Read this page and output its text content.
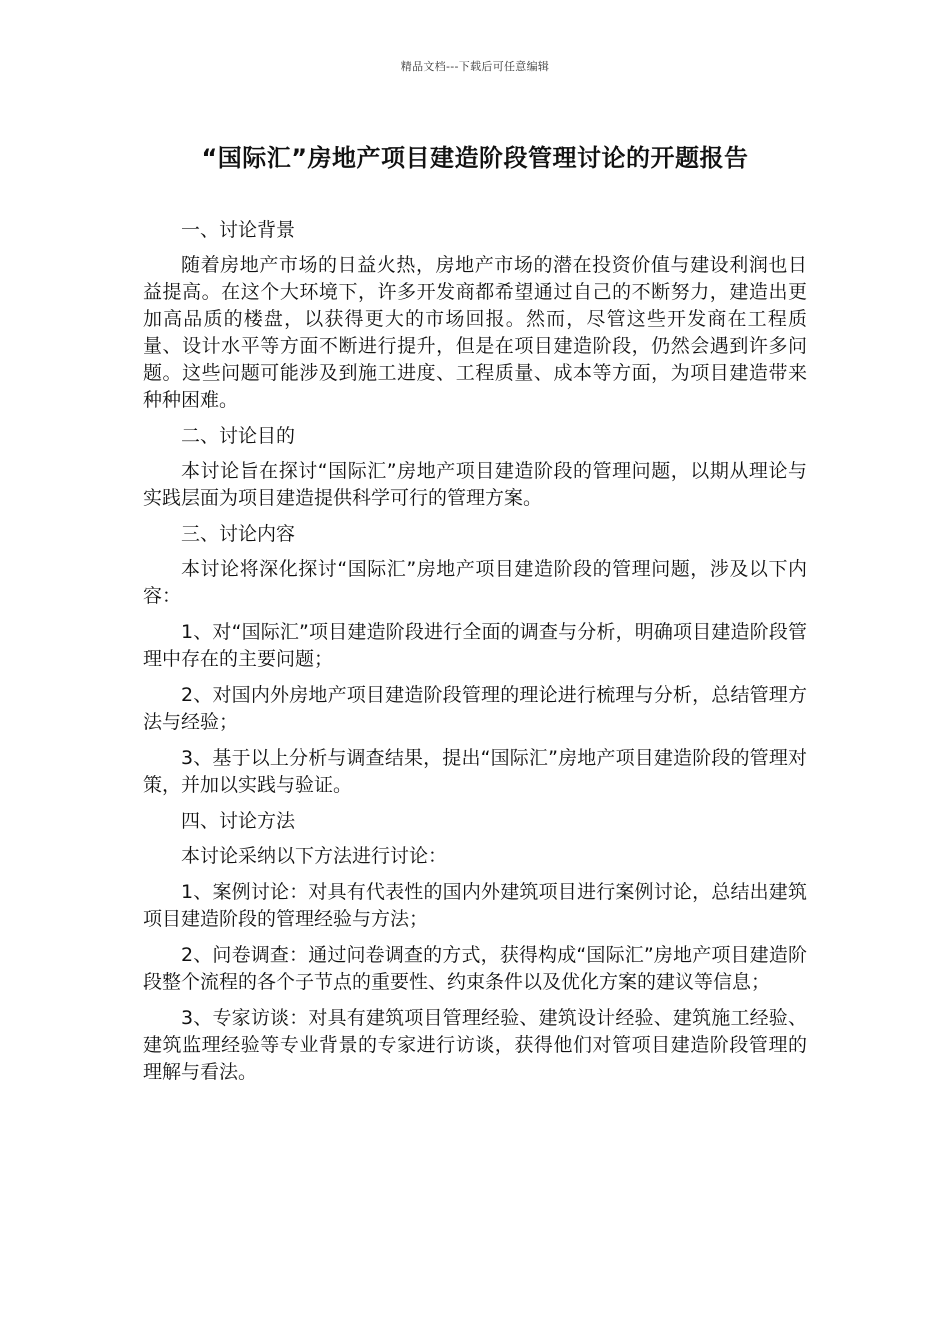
精品文档---下载后可任意编辑
“国际汇”房地产项目建造阶段管理讨论的开题报告

一、讨论背景

随着房地产市场的日益火热，房地产市场的潜在投资价值与建设利润也日益提高。在这个大环境下，许多开发商都希望通过自己的不断努力，建造出更加高品质的楼盘，以获得更大的市场回报。然而，尽管这些开发商在工程质量、设计水平等方面不断进行提升，但是在项目建造阶段，仍然会遇到许多问题。这些问题可能涉及到施工进度、工程质量、成本等方面，为项目建造带来种种困难。

二、讨论目的

本讨论旨在探讨“国际汇”房地产项目建造阶段的管理问题，以期从理论与实践层面为项目建造提供科学可行的管理方案。

三、讨论内容

本讨论将深化探讨“国际汇”房地产项目建造阶段的管理问题，涉及以下内容：

1、对“国际汇”项目建造阶段进行全面的调查与分析，明确项目建造阶段管理中存在的主要问题；

2、对国内外房地产项目建造阶段管理的理论进行梳理与分析，总结管理方法与经验；

3、基于以上分析与调查结果，提出“国际汇”房地产项目建造阶段的管理对策，并加以实践与验证。

四、讨论方法

本讨论采纳以下方法进行讨论：

1、案例讨论：对具有代表性的国内外建筑项目进行案例讨论，总结出建筑项目建造阶段的管理经验与方法；

2、问卷调查：通过问卷调查的方式，获得构成“国际汇”房地产项目建造阶段整个流程的各个子节点的重要性、约束条件以及优化方案的建议等信息；

3、专家访谈：对具有建筑项目管理经验、建筑设计经验、建筑施工经验、建筑监理经验等专业背景的专家进行访谈，获得他们对管项目建造阶段管理的理解与看法。
